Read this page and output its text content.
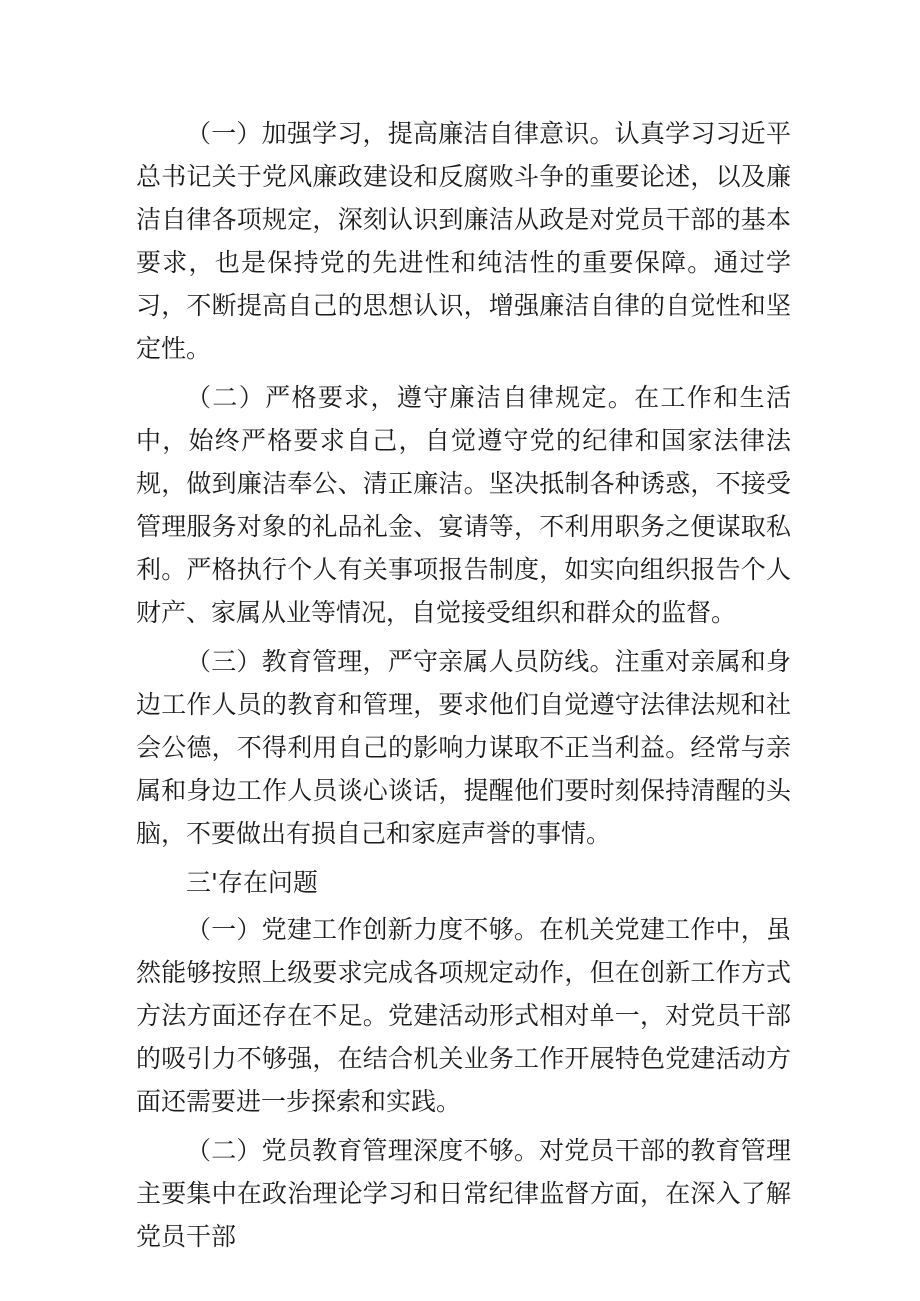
（一）加强学习，提高廉洁自律意识。认真学习习近平总书记关于党风廉政建设和反腐败斗争的重要论述，以及廉洁自律各项规定，深刻认识到廉洁从政是对党员干部的基本要求，也是保持党的先进性和纯洁性的重要保障。通过学习，不断提高自己的思想认识，增强廉洁自律的自觉性和坚定性。

（二）严格要求，遵守廉洁自律规定。在工作和生活中，始终严格要求自己，自觉遵守党的纪律和国家法律法规，做到廉洁奉公、清正廉洁。坚决抵制各种诱惑，不接受管理服务对象的礼品礼金、宴请等，不利用职务之便谋取私利。严格执行个人有关事项报告制度，如实向组织报告个人财产、家属从业等情况，自觉接受组织和群众的监督。

（三）教育管理，严守亲属人员防线。注重对亲属和身边工作人员的教育和管理，要求他们自觉遵守法律法规和社会公德，不得利用自己的影响力谋取不正当利益。经常与亲属和身边工作人员谈心谈话，提醒他们要时刻保持清醒的头脑，不要做出有损自己和家庭声誉的事情。

三'存在问题

（一）党建工作创新力度不够。在机关党建工作中，虽然能够按照上级要求完成各项规定动作，但在创新工作方式方法方面还存在不足。党建活动形式相对单一，对党员干部的吸引力不够强，在结合机关业务工作开展特色党建活动方面还需要进一步探索和实践。

（二）党员教育管理深度不够。对党员干部的教育管理主要集中在政治理论学习和日常纪律监督方面，在深入了解党员干部
